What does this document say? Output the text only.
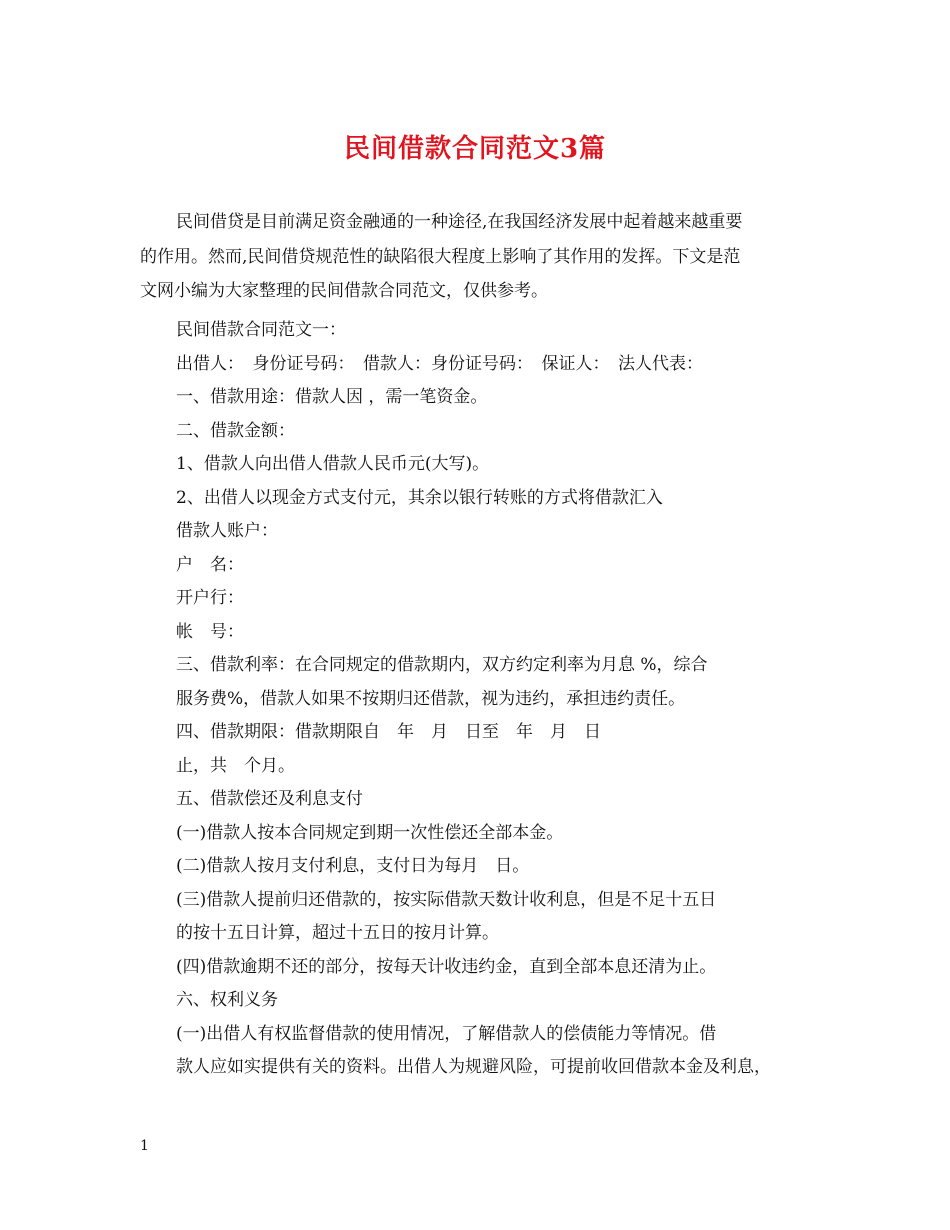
民间借款合同范文3篇
民间借贷是目前满足资金融通的一种途径,在我国经济发展中起着越来越重要
的作用。然而,民间借贷规范性的缺陷很大程度上影响了其作用的发挥。下文是范
文网小编为大家整理的民间借款合同范文，仅供参考。
民间借款合同范文一：
出借人：　身份证号码：　借款人：身份证号码：　保证人：　法人代表：
一、借款用途：借款人因 ，需一笔资金。
二、借款金额：
1、借款人向出借人借款人民币元(大写)。
2、出借人以现金方式支付元，其余以银行转账的方式将借款汇入
借款人账户：
户　名：
开户行：
帐　号：
三、借款利率：在合同规定的借款期内，双方约定利率为月息 %，综合
服务费%，借款人如果不按期归还借款，视为违约，承担违约责任。
四、借款期限：借款期限自　年　月　日至　年　月　日
止，共　个月。
五、借款偿还及利息支付
(一)借款人按本合同规定到期一次性偿还全部本金。
(二)借款人按月支付利息，支付日为每月　日。
(三)借款人提前归还借款的，按实际借款天数计收利息，但是不足十五日
的按十五日计算，超过十五日的按月计算。
(四)借款逾期不还的部分，按每天计收违约金，直到全部本息还清为止。
六、权利义务
(一)出借人有权监督借款的使用情况，了解借款人的偿债能力等情况。借
款人应如实提供有关的资料。出借人为规避风险，可提前收回借款本金及利息，
1
